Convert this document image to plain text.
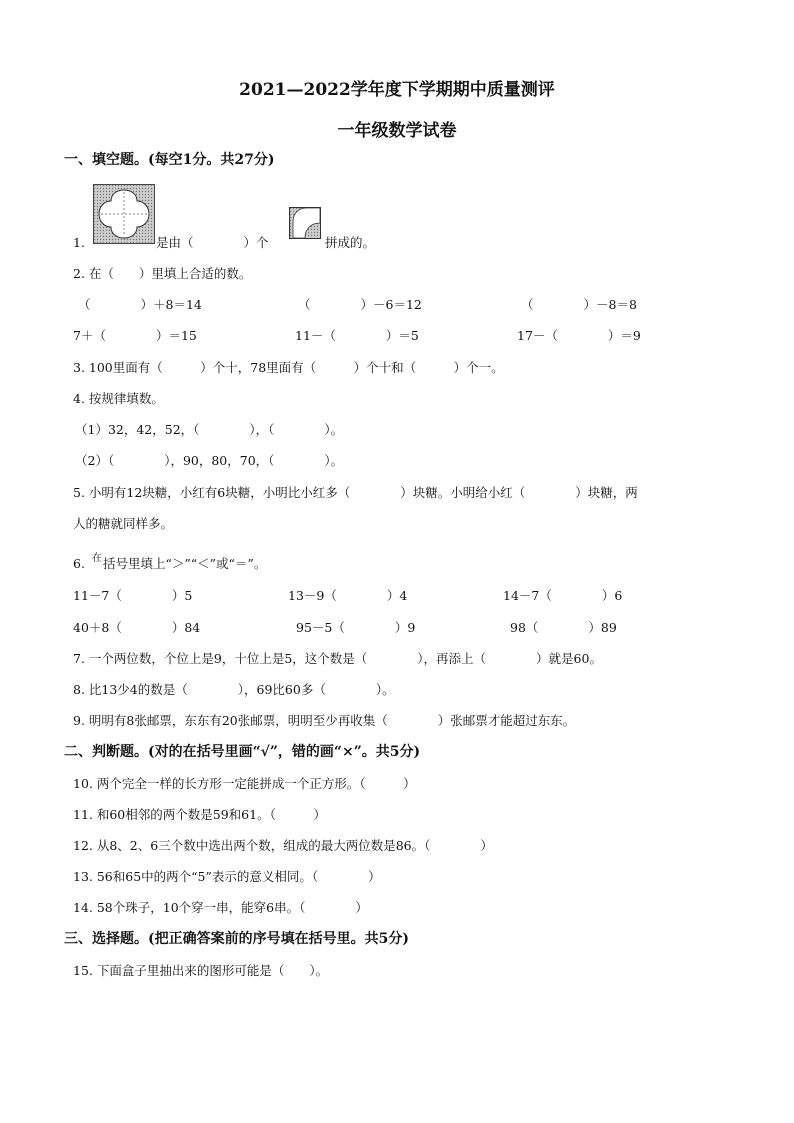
2021—2022学年度下学期期中质量测评
一年级数学试卷
一、填空题。(每空1分。共27分)
1.	是由（　　　　）个	拼成的。
2. 在（　　）里填上合适的数。
（　　　　）＋8＝14	（　　　　）－6＝12	（　　　　）－8＝8
7＋（　　　　）＝15	11－（　　　　）＝5	17－（　　　　）＝9
3. 100里面有（　　　）个十，78里面有（　　　）个十和（　　　）个一。
4. 按规律填数。
（1）32，42，52，（　　　　），（　　　　）。
（2）（　　　　），90，80，70，（　　　　）。
5. 小明有12块糖，小红有6块糖，小明比小红多（　　　　）块糖。小明给小红（　　　　）块糖，两
人的糖就同样多。
6. 在 括号里填上“＞”“＜”或“＝”。
11－7（　　　　）5	13－9（　　　　）4	14－7（　　　　）6
40＋8（　　　　）84	95－5（　　　　）9	98（　　　　）89
7. 一个两位数，个位上是9，十位上是5，这个数是（　　　　），再添上（　　　　）就是60。
8. 比13少4的数是（　　　　），69比60多（　　　　）。
9. 明明有8张邮票，东东有20张邮票，明明至少再收集（　　　　）张邮票才能超过东东。
二、判断题。(对的在括号里画“√”，错的画“×”。共5分)
10. 两个完全一样的长方形一定能拼成一个正方形。（　　　）
11. 和60相邻的两个数是59和61。（　　　）
12. 从8、2、6三个数中选出两个数，组成的最大两位数是86。（　　　　）
13. 56和65中的两个“5”表示的意义相同。（　　　　）
14. 58个珠子，10个穿一串，能穿6串。（　　　　）
三、选择题。(把正确答案前的序号填在括号里。共5分)
15. 下面盒子里抽出来的图形可能是（　　）。
